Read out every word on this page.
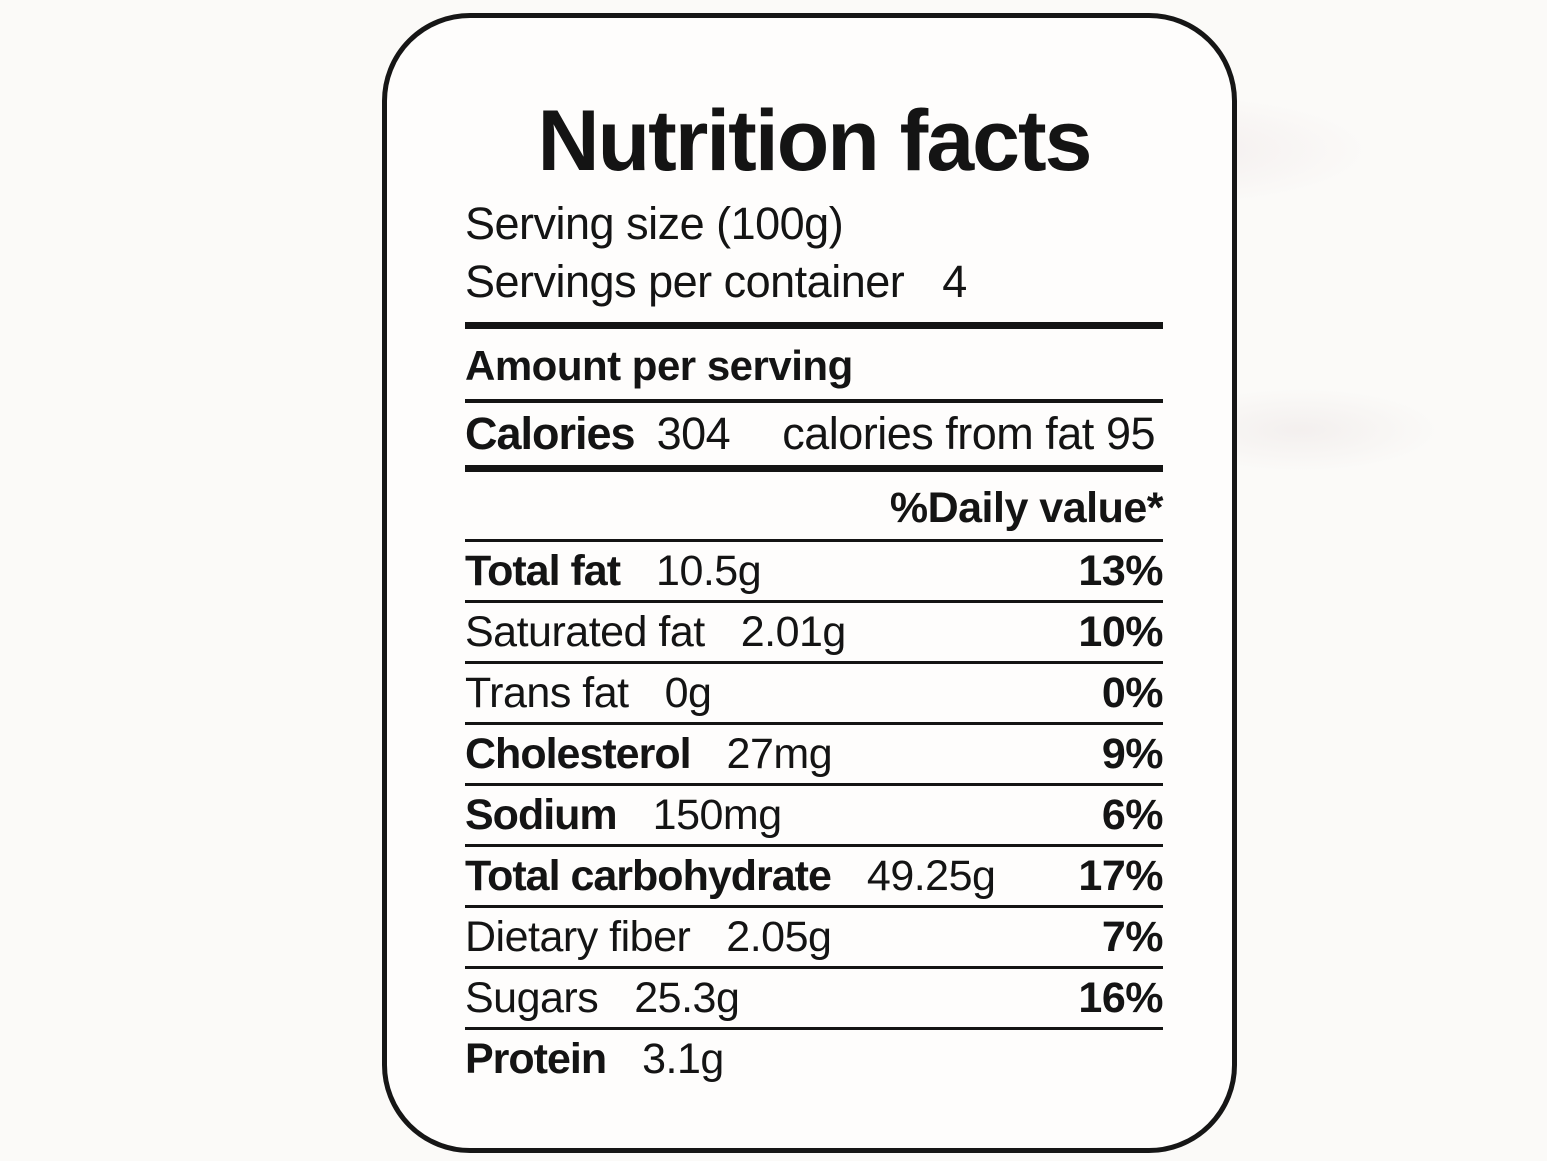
Nutrition facts
Serving size (100g)
Servings per container 4
Amount per serving
Calories 304 calories from fat 95
%Daily value*
Total fat 10.5g	13%
Saturated fat 2.01g	10%
Trans fat 0g	0%
Cholesterol 27mg	9%
Sodium 150mg	6%
Total carbohydrate 49.25g 17%
Dietary fiber 2.05g	7%
Sugars 25.3g	16%
Protein 3.1g
